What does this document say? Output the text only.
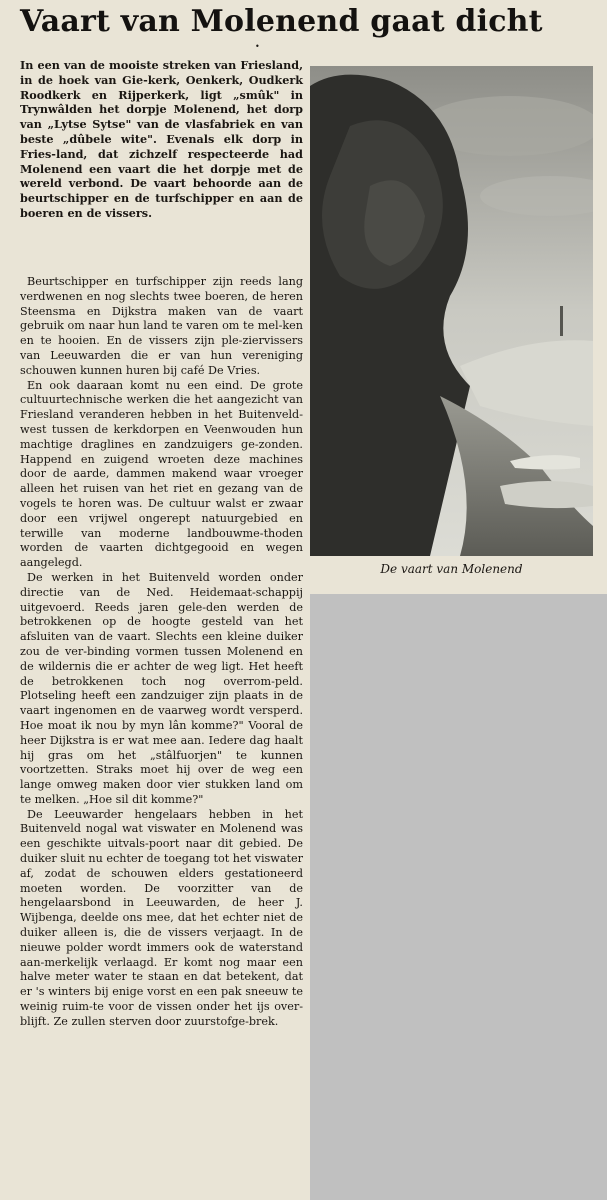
Vaart van Molenend gaat dicht
•

In een van de mooiste streken van Friesland, in de hoek van Gie-kerk, Oenkerk, Oudkerk Roodkerk en Rijperkerk, ligt „smûk" in Trynwâlden het dorpje Molenend, het dorp van „Lytse Sytse" van de vlasfabriek en van beste „dûbele wite". Evenals elk dorp in Fries-land, dat zichzelf respecteerde had Molenend een vaart die het dorpje met de wereld verbond. De vaart behoorde aan de beurtschipper en de turfschipper en aan de boeren en de vissers.

Beurtschipper en turfschipper zijn reeds lang verdwenen en nog slechts twee boeren, de heren Steensma en Dijkstra maken van de vaart gebruik om naar hun land te varen om te mel-ken en te hooien. En de vissers zijn ple-ziervissers van Leeuwarden die er van hun vereniging schouwen kunnen huren bij café De Vries.

En ook daaraan komt nu een eind. De grote cultuurtechnische werken die het aangezicht van Friesland veranderen hebben in het Buitenveld-west tussen de kerkdorpen en Veenwouden hun machtige draglines en zandzuigers ge-zonden. Happend en zuigend wroeten deze machines door de aarde, dammen makend waar vroeger alleen het ruisen van het riet en gezang van de vogels te horen was. De cultuur walst er zwaar door een vrijwel ongerept natuurgebied en terwille van moderne landbouwme-thoden worden de vaarten dichtgegooid en wegen aangelegd.

De werken in het Buitenveld worden onder directie van de Ned. Heidemaat-schappij uitgevoerd. Reeds jaren gele-den werden de betrokkenen op de hoogte gesteld van het afsluiten van de vaart. Slechts een kleine duiker zou de ver-binding vormen tussen Molenend en de wildernis die er achter de weg ligt. Het heeft de betrokkenen toch nog overrom-peld. Plotseling heeft een zandzuiger zijn plaats in de vaart ingenomen en de vaarweg wordt versperd. Hoe moat ik nou by myn lân komme?" Vooral de heer Dijkstra is er wat mee aan. Iedere dag haalt hij gras om het „stâlfuorjen" te kunnen voortzetten. Straks moet hij over de weg een lange omweg maken door vier stukken land om te melken. „Hoe sil dit komme?"

De Leeuwarder hengelaars hebben in het Buitenveld nogal wat viswater en Molenend was een geschikte uitvals-poort naar dit gebied. De duiker sluit nu echter de toegang tot het viswater af, zodat de schouwen elders gestationeerd moeten worden. De voorzitter van de hengelaarsbond in Leeuwarden, de heer J. Wijbenga, deelde ons mee, dat het echter niet de duiker alleen is, die de vissers verjaagt. In de nieuwe polder wordt immers ook de waterstand aan-merkelijk verlaagd. Er komt nog maar een halve meter water te staan en dat betekent, dat er 's winters bij enige vorst en een pak sneeuw te weinig ruim-te voor de vissen onder het ijs over-blijft. Ze zullen sterven door zuurstofge-brek.

De vaart van Molenend
